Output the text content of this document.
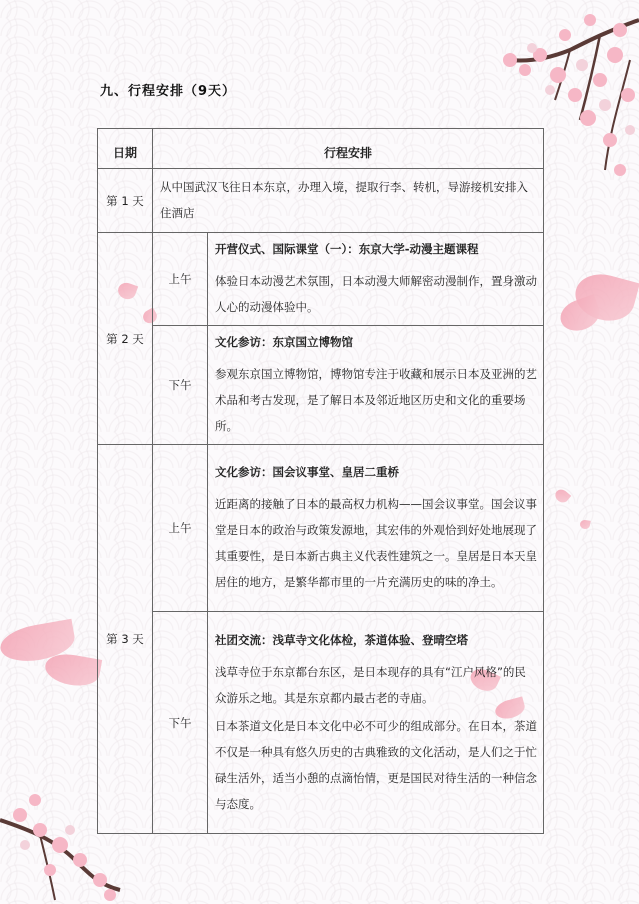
九、行程安排（9天）
日期	行程安排	
第 1 天	从中国武汉飞往日本东京，办理入境，提取行李、转机，导游接机安排入住酒店	

第 2 天	上午	开营仪式、国际课堂（一）：东京大学-动漫主题课程
体验日本动漫艺术氛围，日本动漫大师解密动漫制作，置身激动人心的动漫体验中。

	下午	文化参访：东京国立博物馆
参观东京国立博物馆，博物馆专注于收藏和展示日本及亚洲的艺术品和考古发现，是了解日本及邻近地区历史和文化的重要场所。

第 3 天	上午	文化参访：国会议事堂、皇居二重桥
近距离的接触了日本的最高权力机构——国会议事堂。国会议事堂是日本的政治与政策发源地，其宏伟的外观恰到好处地展现了其重要性，是日本新古典主义代表性建筑之一。皇居是日本天皇居住的地方，是繁华都市里的一片充满历史的味的净土。

	下午	社团交流：浅草寺文化体检，茶道体验、登晴空塔
浅草寺位于东京都台东区，是日本现存的具有“江户风格”的民众游乐之地。其是东京都内最古老的寺庙。
日本茶道文化是日本文化中必不可少的组成部分。在日本，茶道不仅是一种具有悠久历史的古典雅致的文化活动，是人们之于忙碌生活外，适当小憩的点滴怡情，更是国民对待生活的一种信念与态度。
